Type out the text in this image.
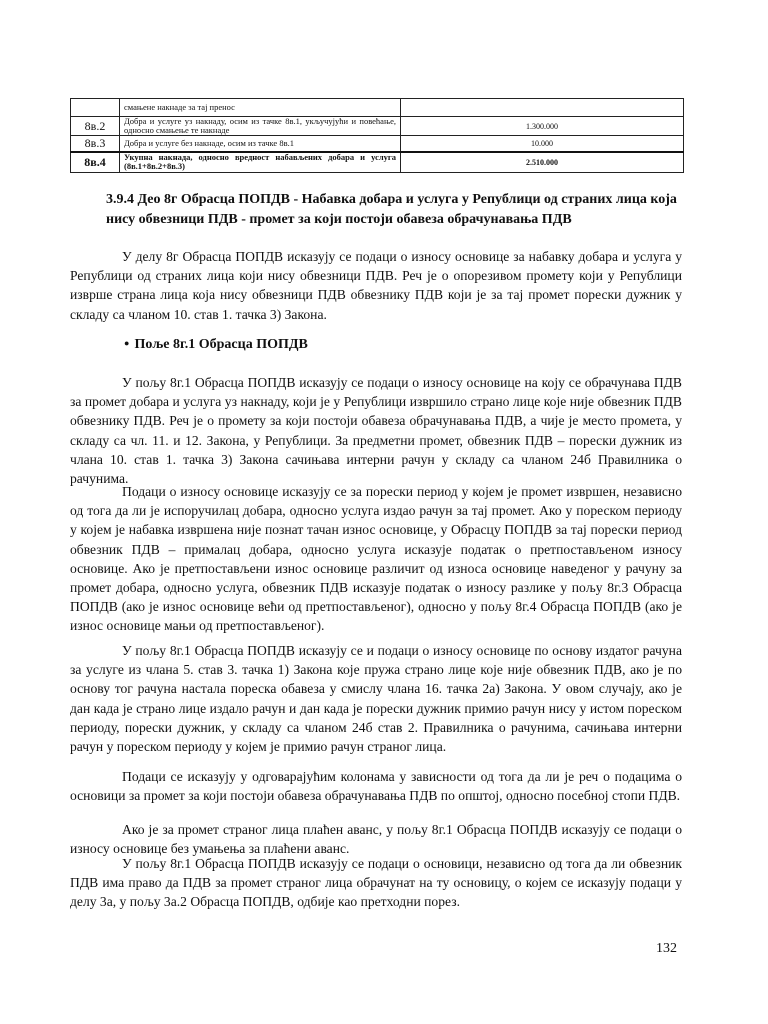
	смањене накнаде за тај пренос	
8в.2	Добра и услуге уз накнаду, осим из тачке 8в.1, укључујући и повећање, односно смањење те накнаде	1.300.000
8в.3	Добра и услуге без накнаде, осим из тачке 8в.1	10.000
8в.4	Укупна накнада, односно вредност набављених добара и услуга (8в.1+8в.2+8в.3)	2.510.000
3.9.4 Део 8г Обрасца ПОПДВ - Набавка добара и услуга у Републици од страних лица која нису обвезници ПДВ - промет за који постоји обавеза обрачунавања ПДВ

У делу 8г Обрасца ПОПДВ исказују се подаци о износу основице за набавку добара и услуга у Републици од страних лица који нису обвезници ПДВ. Реч је о опорезивом промету који у Републици изврше страна лица која нису обвезници ПДВ обвезнику ПДВ који је за тај промет порески дужник у складу са чланом 10. став 1. тачка 3) Закона.

● Поље 8г.1 Обрасца ПОПДВ

У пољу 8г.1 Обрасца ПОПДВ исказују се подаци о износу основице на коју се обрачунава ПДВ за промет добара и услуга уз накнаду, који је у Републици извршило страно лице које није обвезник ПДВ обвезнику ПДВ. Реч је о промету за који постоји обавеза обрачунавања ПДВ, а чије је место промета, у складу са чл. 11. и 12. Закона, у Републици. За предметни промет, обвезник ПДВ – порески дужник из члана 10. став 1. тачка 3) Закона сачињава интерни рачун у складу са чланом 24б Правилника о рачунима.

Подаци о износу основице исказују се за порески период у којем је промет извршен, независно од тога да ли је испоручилац добара, односно услуга издао рачун за тај промет. Ако у пореском периоду у којем је набавка извршена није познат тачан износ основице, у Обрасцу ПОПДВ за тај порески период обвезник ПДВ – прималац добара, односно услуга исказује податак о претпостављеном износу основице. Ако је претпостављени износ основице различит од износа основице наведеног у рачуну за промет добара, односно услуга, обвезник ПДВ исказује податак о износу разлике у пољу 8г.3 Обрасца ПОПДВ (ако је износ основице већи од претпостављеног), односно у пољу 8г.4 Обрасца ПОПДВ (ако је износ основице мањи од претпостављеног).

У пољу 8г.1 Обрасца ПОПДВ исказују се и подаци о износу основице по основу издатог рачуна за услуге из члана 5. став 3. тачка 1) Закона које пружа страно лице које није обвезник ПДВ, ако је по основу тог рачуна настала пореска обавеза у смислу члана 16. тачка 2а) Закона. У овом случају, ако је дан када је страно лице издало рачун и дан када је порески дужник примио рачун нису у истом пореском периоду, порески дужник, у складу са чланом 24б став 2. Правилника о рачунима, сачињава интерни рачун у пореском периоду у којем је примио рачун страног лица.

Подаци се исказују у одговарајућим колонама у зависности од тога да ли је реч о подацима о основици за промет за који постоји обавеза обрачунавања ПДВ по општој, односно посебној стопи ПДВ.

Ако је за промет страног лица плаћен аванс, у пољу 8г.1 Обрасца ПОПДВ исказују се подаци о износу основице без умањења за плаћени аванс.

У пољу 8г.1 Обрасца ПОПДВ исказују се подаци о основици, независно од тога да ли обвезник ПДВ има право да ПДВ за промет страног лица обрачунат на ту основицу, о којем се исказују подаци у делу 3а, у пољу 3а.2 Обрасца ПОПДВ, одбије као претходни порез.

132
